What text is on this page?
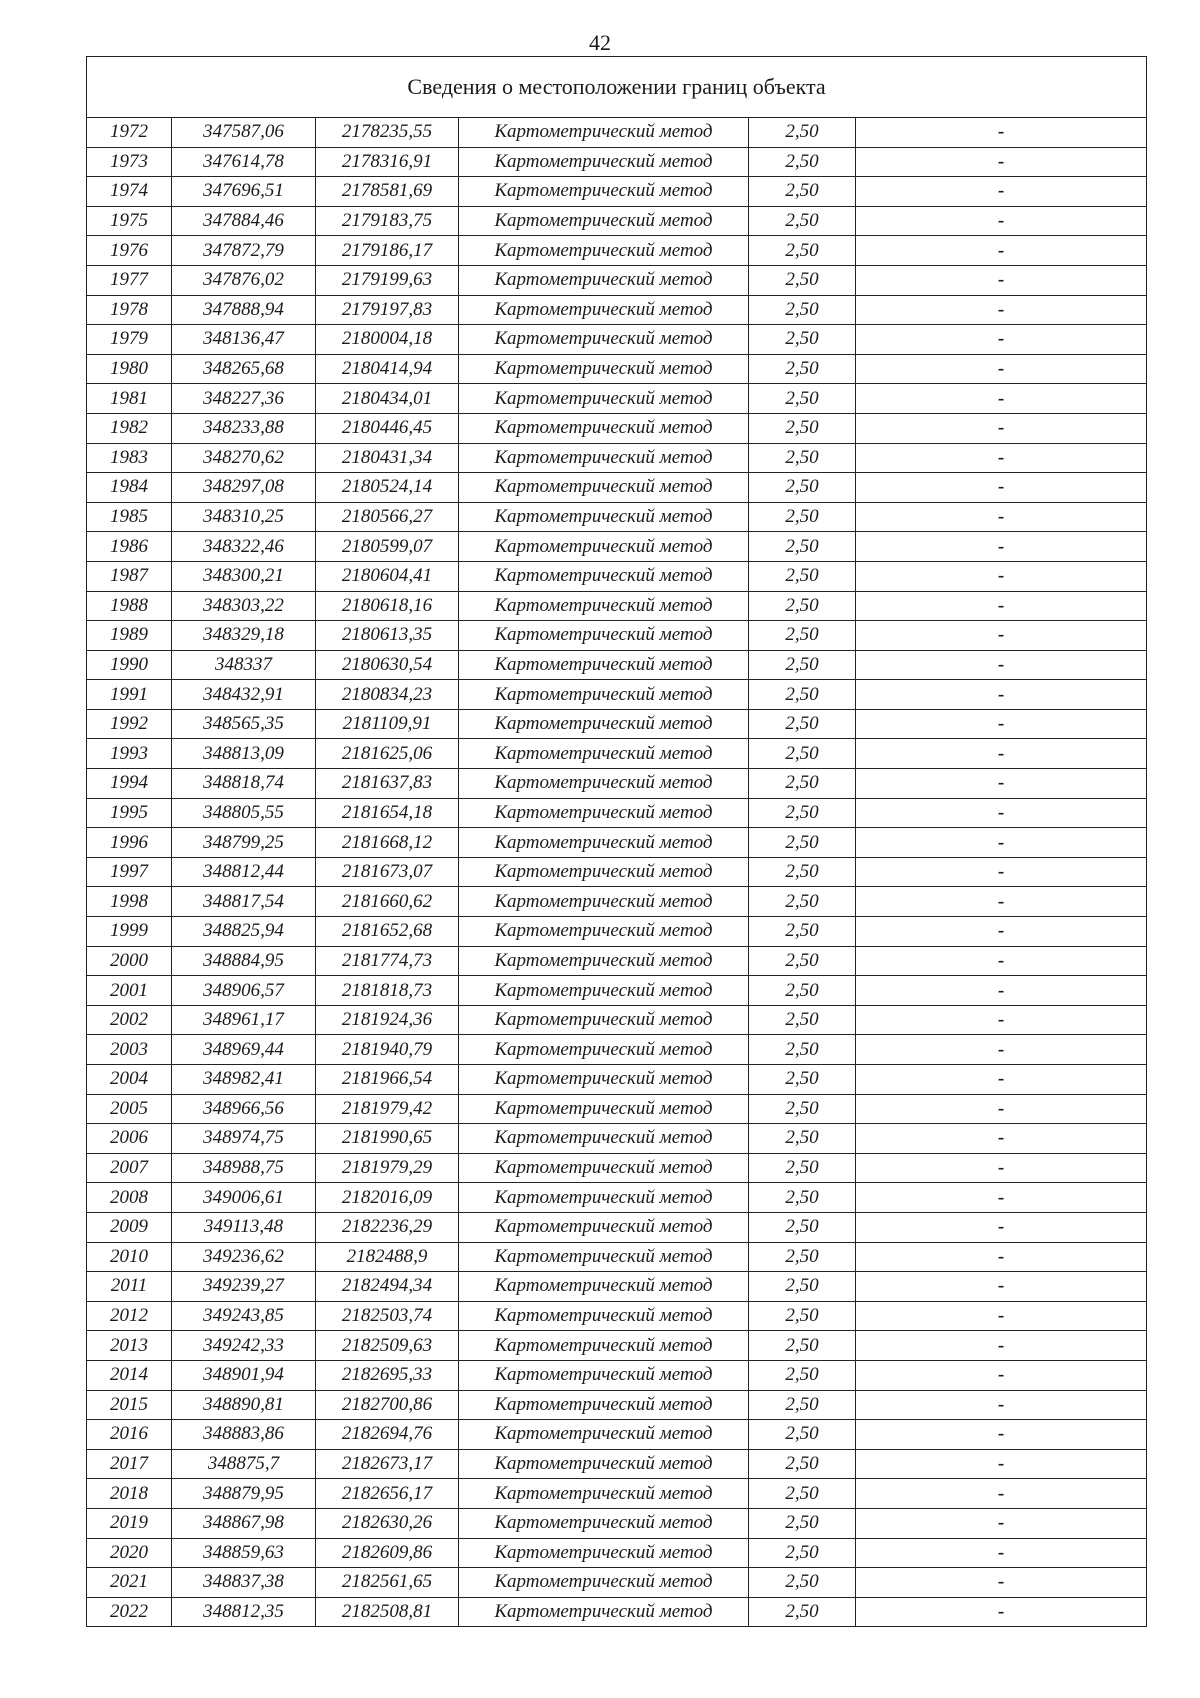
42
Сведения о местоположении границ объекта					
1972	347587,06	2178235,55	Картометрический метод	2,50	-
1973	347614,78	2178316,91	Картометрический метод	2,50	-
1974	347696,51	2178581,69	Картометрический метод	2,50	-
1975	347884,46	2179183,75	Картометрический метод	2,50	-
1976	347872,79	2179186,17	Картометрический метод	2,50	-
1977	347876,02	2179199,63	Картометрический метод	2,50	-
1978	347888,94	2179197,83	Картометрический метод	2,50	-
1979	348136,47	2180004,18	Картометрический метод	2,50	-
1980	348265,68	2180414,94	Картометрический метод	2,50	-
1981	348227,36	2180434,01	Картометрический метод	2,50	-
1982	348233,88	2180446,45	Картометрический метод	2,50	-
1983	348270,62	2180431,34	Картометрический метод	2,50	-
1984	348297,08	2180524,14	Картометрический метод	2,50	-
1985	348310,25	2180566,27	Картометрический метод	2,50	-
1986	348322,46	2180599,07	Картометрический метод	2,50	-
1987	348300,21	2180604,41	Картометрический метод	2,50	-
1988	348303,22	2180618,16	Картометрический метод	2,50	-
1989	348329,18	2180613,35	Картометрический метод	2,50	-
1990	348337	2180630,54	Картометрический метод	2,50	-
1991	348432,91	2180834,23	Картометрический метод	2,50	-
1992	348565,35	2181109,91	Картометрический метод	2,50	-
1993	348813,09	2181625,06	Картометрический метод	2,50	-
1994	348818,74	2181637,83	Картометрический метод	2,50	-
1995	348805,55	2181654,18	Картометрический метод	2,50	-
1996	348799,25	2181668,12	Картометрический метод	2,50	-
1997	348812,44	2181673,07	Картометрический метод	2,50	-
1998	348817,54	2181660,62	Картометрический метод	2,50	-
1999	348825,94	2181652,68	Картометрический метод	2,50	-
2000	348884,95	2181774,73	Картометрический метод	2,50	-
2001	348906,57	2181818,73	Картометрический метод	2,50	-
2002	348961,17	2181924,36	Картометрический метод	2,50	-
2003	348969,44	2181940,79	Картометрический метод	2,50	-
2004	348982,41	2181966,54	Картометрический метод	2,50	-
2005	348966,56	2181979,42	Картометрический метод	2,50	-
2006	348974,75	2181990,65	Картометрический метод	2,50	-
2007	348988,75	2181979,29	Картометрический метод	2,50	-
2008	349006,61	2182016,09	Картометрический метод	2,50	-
2009	349113,48	2182236,29	Картометрический метод	2,50	-
2010	349236,62	2182488,9	Картометрический метод	2,50	-
2011	349239,27	2182494,34	Картометрический метод	2,50	-
2012	349243,85	2182503,74	Картометрический метод	2,50	-
2013	349242,33	2182509,63	Картометрический метод	2,50	-
2014	348901,94	2182695,33	Картометрический метод	2,50	-
2015	348890,81	2182700,86	Картометрический метод	2,50	-
2016	348883,86	2182694,76	Картометрический метод	2,50	-
2017	348875,7	2182673,17	Картометрический метод	2,50	-
2018	348879,95	2182656,17	Картометрический метод	2,50	-
2019	348867,98	2182630,26	Картометрический метод	2,50	-
2020	348859,63	2182609,86	Картометрический метод	2,50	-
2021	348837,38	2182561,65	Картометрический метод	2,50	-
2022	348812,35	2182508,81	Картометрический метод	2,50	-
